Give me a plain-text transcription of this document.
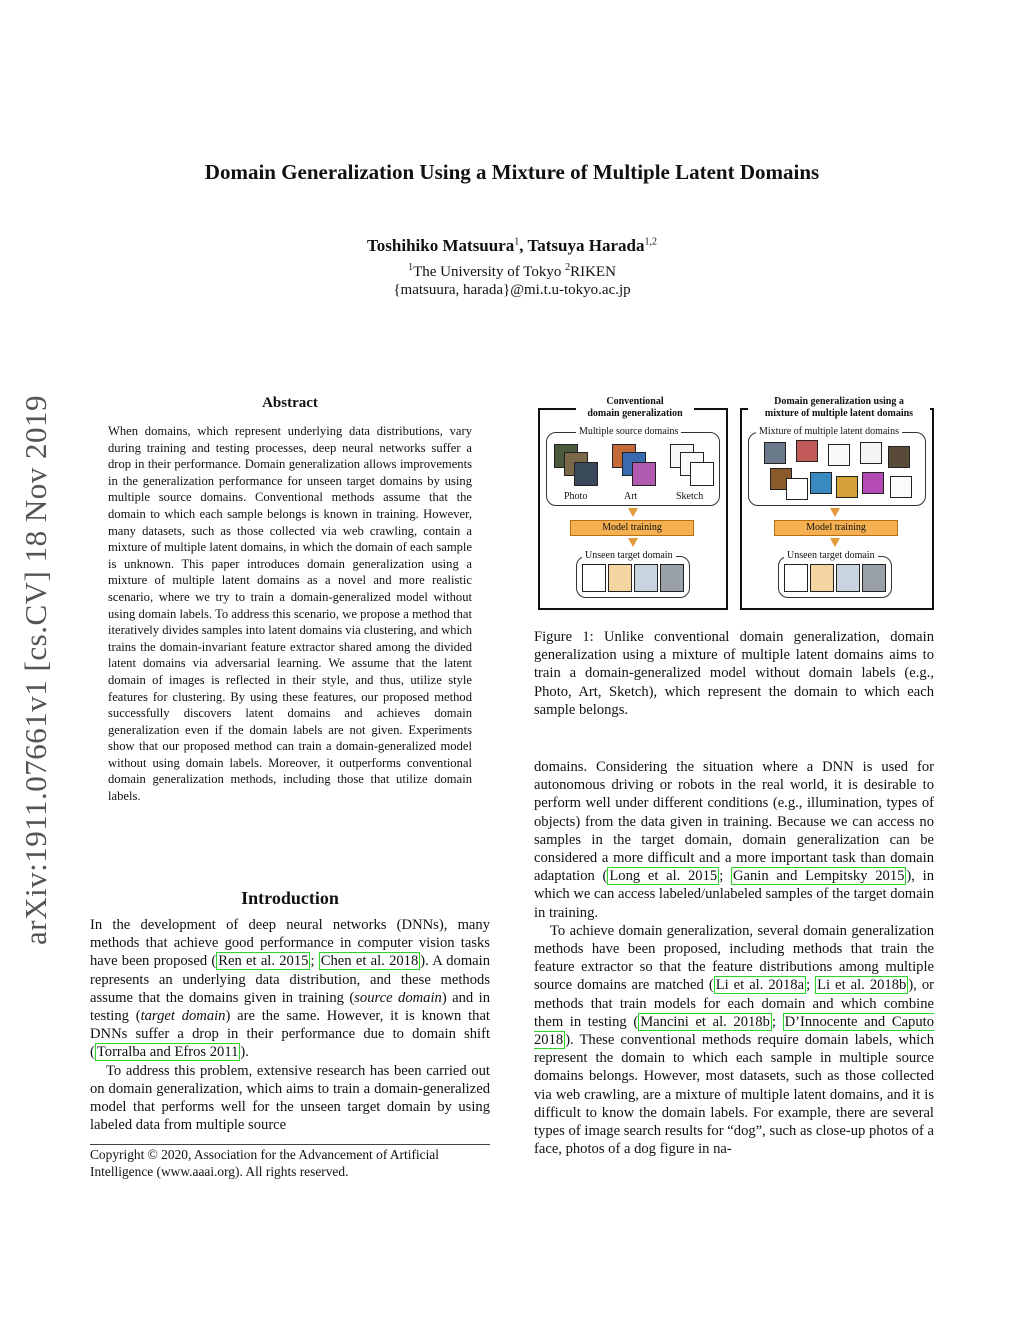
arXiv:1911.07661v1 [cs.CV] 18 Nov 2019
Domain Generalization Using a Mixture of Multiple Latent Domains
Toshihiko Matsuura$^1$, Tatsuya Harada$^{1,2}$
$^1$The University of Tokyo $^2$RIKEN
{matsuura, harada}@mi.t.u-tokyo.ac.jp
Abstract
When domains, which represent underlying data distributions, vary during training and testing processes, deep neural networks suffer a drop in their performance. Domain generalization allows improvements in the generalization performance for unseen target domains by using multiple source domains. Conventional methods assume that the domain to which each sample belongs is known in training. However, many datasets, such as those collected via web crawling, contain a mixture of multiple latent domains, in which the domain of each sample is unknown. This paper introduces domain generalization using a mixture of multiple latent domains as a novel and more realistic scenario, where we try to train a domain-generalized model without using domain labels. To address this scenario, we propose a method that iteratively divides samples into latent domains via clustering, and which trains the domain-invariant feature extractor shared among the divided latent domains via adversarial learning. We assume that the latent domain of images is reflected in their style, and thus, utilize style features for clustering. By using these features, our proposed method successfully discovers latent domains and achieves domain generalization even if the domain labels are not given. Experiments show that our proposed method can train a domain-generalized model without using domain labels. Moreover, it outperforms conventional domain generalization methods, including those that utilize domain labels.
Introduction

In the development of deep neural networks (DNNs), many methods that achieve good performance in computer vision tasks have been proposed ( Ren et al. 2015 ; Chen et al. 2018 ). A domain represents an underlying data distribution, and these methods assume that the domains given in training (source domain) and in testing (target domain) are the same. However, it is known that DNNs suffer a drop in their performance due to domain shift ( Torralba and Efros 2011 ).

To address this problem, extensive research has been carried out on domain generalization, which aims to train a domain-generalized model that performs well for the unseen target domain by using labeled data from multiple source

Copyright © 2020, Association for the Advancement of Artificial Intelligence (www.aaai.org). All rights reserved.
Conventional
domain generalization
Multiple source domains
Photo	Art	Sketch
Model training
Unseen target domain
Domain generalization using a
mixture of multiple latent domains
Mixture of multiple latent domains
Model training
Unseen target domain
Figure 1: Unlike conventional domain generalization, domain generalization using a mixture of multiple latent domains aims to train a domain-generalized model without domain labels (e.g., Photo, Art, Sketch), which represent the domain to which each sample belongs.

domains. Considering the situation where a DNN is used for autonomous driving or robots in the real world, it is desirable to perform well under different conditions (e.g., illumination, types of objects) from the data given in training. Because we can access no samples in the target domain, domain generalization can be considered a more difficult and a more important task than domain adaptation ( Long et al. 2015 ; Ganin and Lempitsky 2015 ), in which we can access labeled/unlabeled samples of the target domain in training.

To achieve domain generalization, several domain generalization methods have been proposed, including methods that train the feature extractor so that the feature distributions among multiple source domains are matched ( Li et al. 2018a ; Li et al. 2018b ), or methods that train models for each domain and which combine them in testing ( Mancini et al. 2018b ; D’Innocente and Caputo 2018 ). These conventional methods require domain labels, which represent the domain to which each sample in multiple source domains belongs. However, most datasets, such as those collected via web crawling, are a mixture of multiple latent domains, and it is difficult to know the domain labels. For example, there are several types of image search results for “dog”, such as close-up photos of a face, photos of a dog figure in na-
